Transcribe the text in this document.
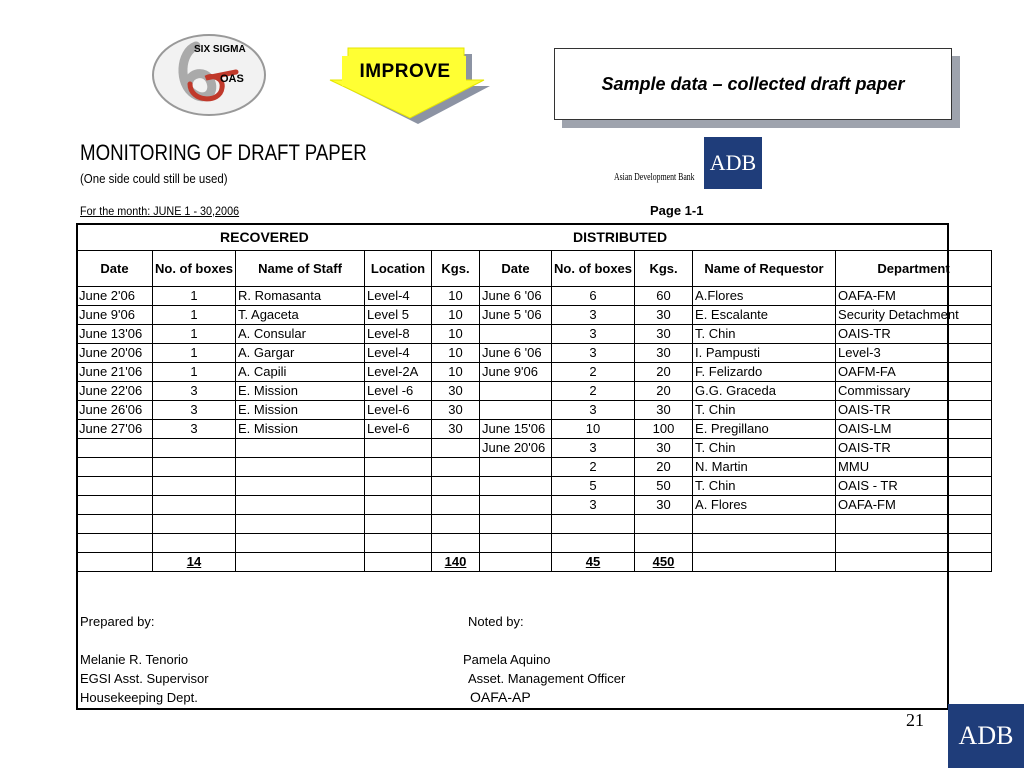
SIX SIGMA
OAS	IMPROVE
Sample data – collected draft paper
MONITORING OF DRAFT PAPER
(One side could still be used)
For the month: JUNE 1 - 30,2006	Page 1-1
Asian Development Bank
ADB
RECOVERED	DISTRIBUTED
Date	No. of boxes	Name of Staff	Location	Kgs.	Date	No. of boxes	Kgs.	Name of Requestor	Department
June 2'06	1	R. Romasanta	Level-4	10	June 6 '06	6	60	A.Flores	OAFA-FM
June 9'06	1	T. Agaceta	Level 5	10	June 5 '06	3	30	E. Escalante	Security Detachment
June 13'06	1	A. Consular	Level-8	10		3	30	T. Chin	OAIS-TR
June 20'06	1	A. Gargar	Level-4	10	June 6 '06	3	30	I. Pampusti	Level-3
June 21'06	1	A. Capili	Level-2A	10	June 9'06	2	20	F. Felizardo	OAFM-FA
June 22'06	3	E. Mission	Level -6	30		2	20	G.G. Graceda	Commissary
June 26'06	3	E. Mission	Level-6	30		3	30	T. Chin	OAIS-TR
June 27'06	3	E. Mission	Level-6	30	June 15'06	10	100	E. Pregillano	OAIS-LM
					June 20'06	3	30	T. Chin	OAIS-TR
						2	20	N. Martin	MMU
						5	50	T. Chin	OAIS - TR
						3	30	A. Flores	OAFA-FM

	14			140		45	450		
Prepared by:
Melanie R. Tenorio
EGSI Asst. Supervisor
Housekeeping Dept.
Noted by:
Pamela Aquino
Asset. Management Officer
OAFA-AP
21
ADB
